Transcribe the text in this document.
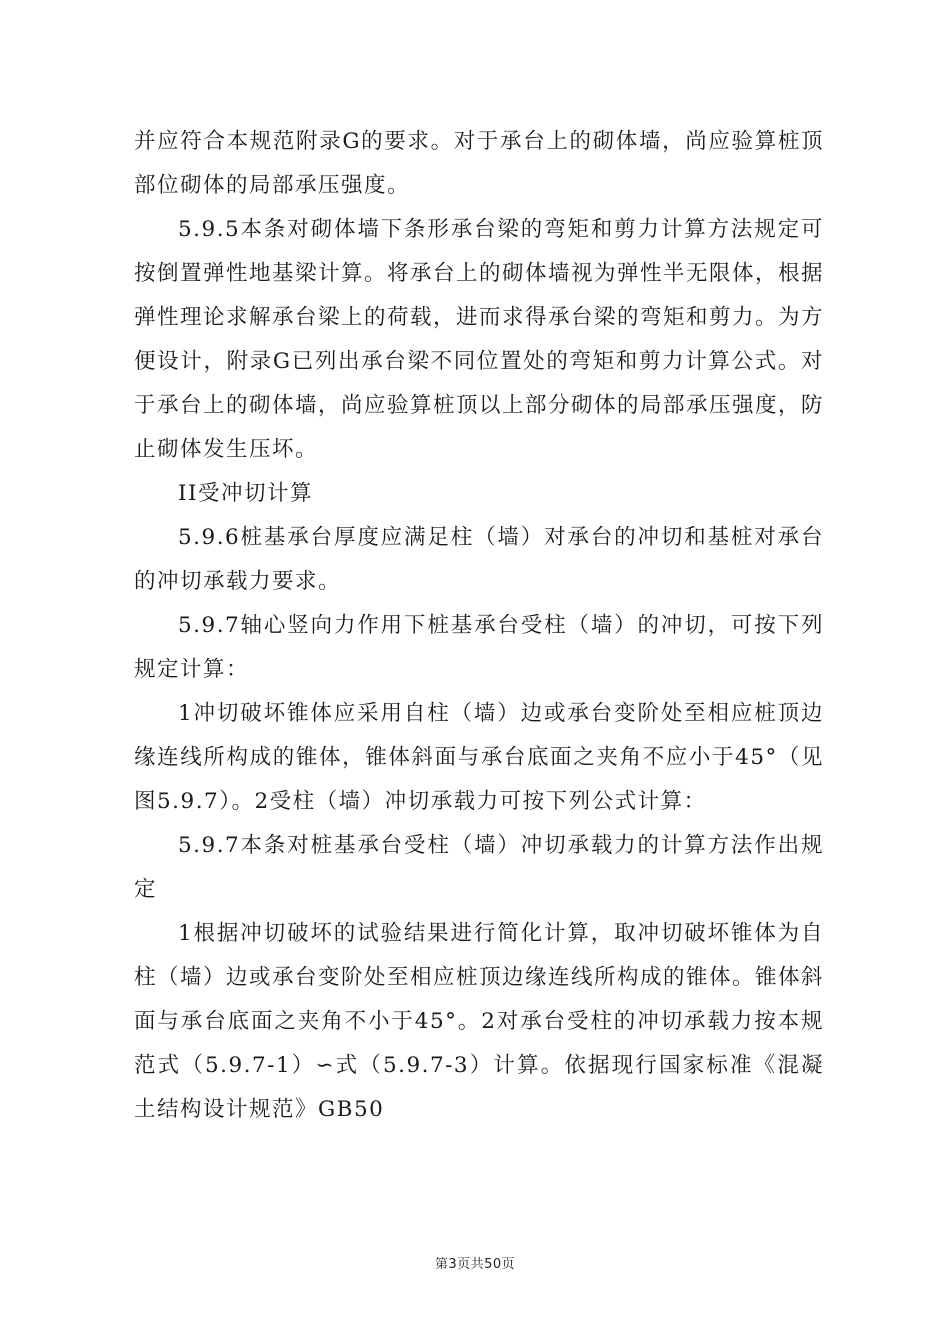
并应符合本规范附录G的要求。对于承台上的砌体墙，尚应验算桩顶部位砌体的局部承压强度。

5.9.5本条对砌体墙下条形承台梁的弯矩和剪力计算方法规定可按倒置弹性地基梁计算。将承台上的砌体墙视为弹性半无限体，根据弹性理论求解承台梁上的荷载，进而求得承台梁的弯矩和剪力。为方便设计，附录G已列出承台梁不同位置处的弯矩和剪力计算公式。对于承台上的砌体墙，尚应验算桩顶以上部分砌体的局部承压强度，防止砌体发生压坏。

II受冲切计算

5.9.6桩基承台厚度应满足柱（墙）对承台的冲切和基桩对承台的冲切承载力要求。

5.9.7轴心竖向力作用下桩基承台受柱（墙）的冲切，可按下列规定计算：

1冲切破坏锥体应采用自柱（墙）边或承台变阶处至相应桩顶边缘连线所构成的锥体，锥体斜面与承台底面之夹角不应小于45°（见图5.9.7）。2受柱（墙）冲切承载力可按下列公式计算：

5.9.7本条对桩基承台受柱（墙）冲切承载力的计算方法作出规定

1根据冲切破坏的试验结果进行简化计算，取冲切破坏锥体为自柱（墙）边或承台变阶处至相应桩顶边缘连线所构成的锥体。锥体斜面与承台底面之夹角不小于45°。2对承台受柱的冲切承载力按本规范式（5.9.7-1）∽式（5.9.7-3）计算。依据现行国家标准《混凝土结构设计规范》GB50

第3页共50页
